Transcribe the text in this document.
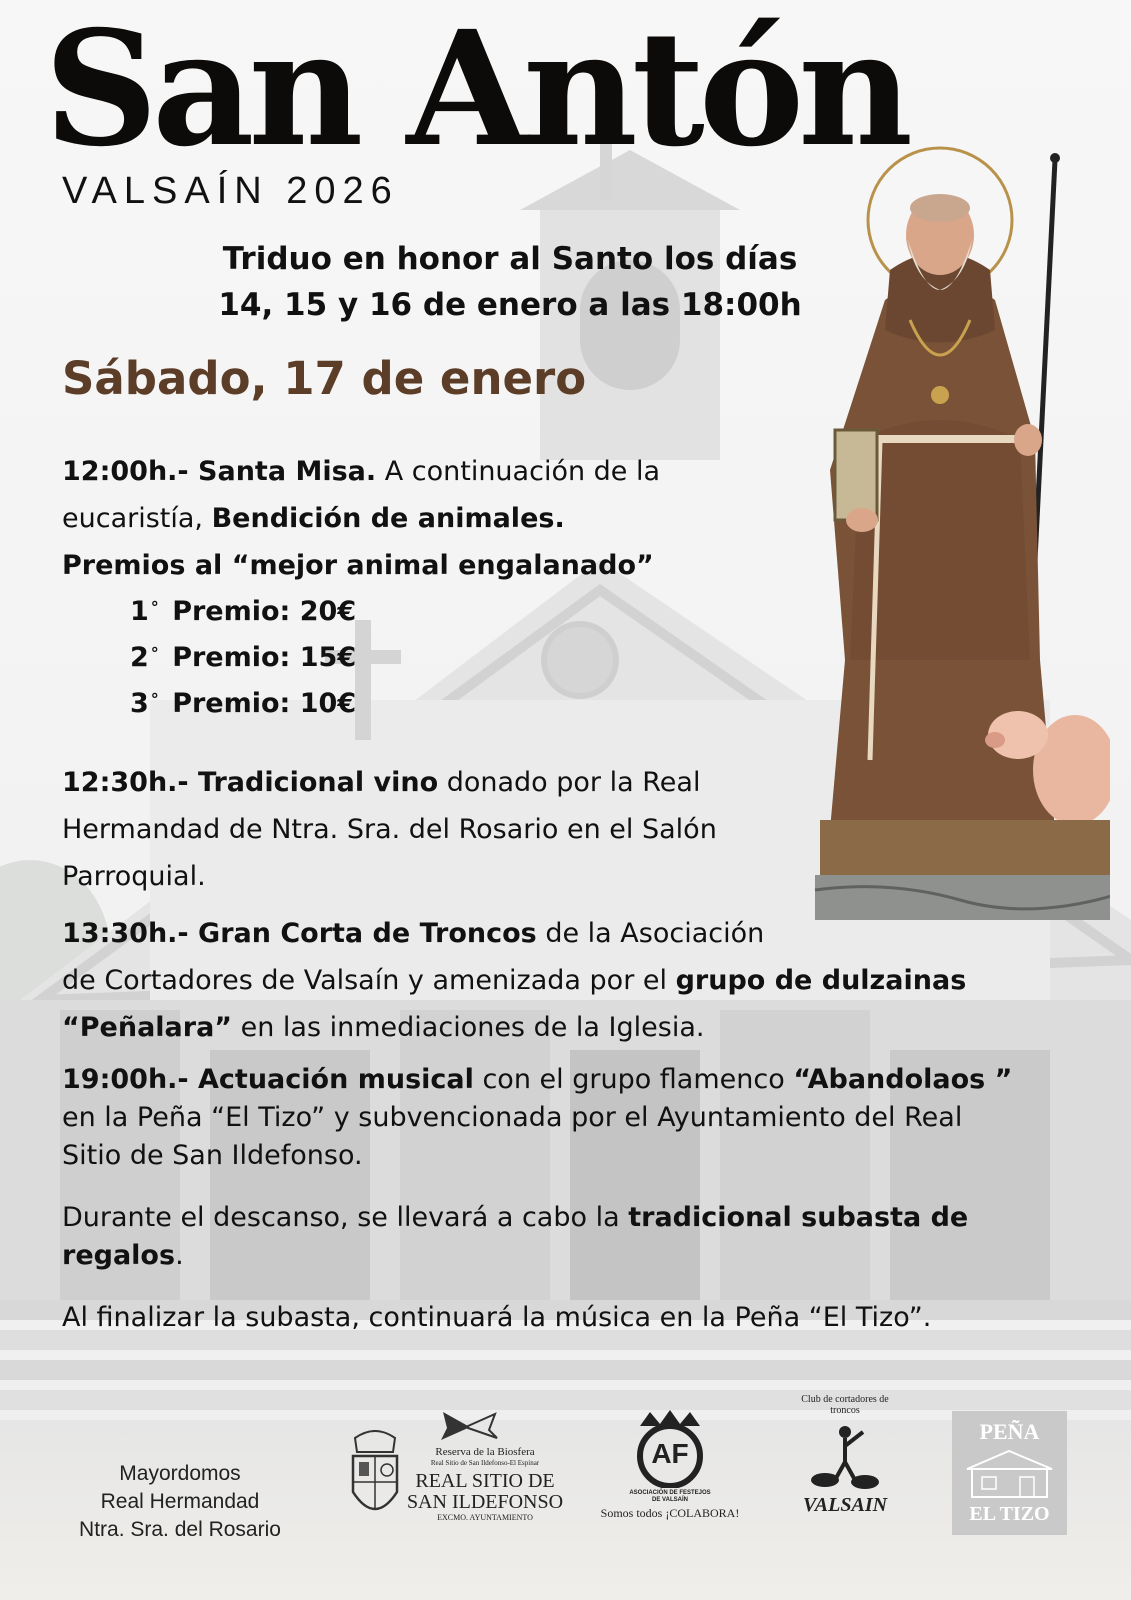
San Antón
VALSAÍN 2026
Triduo en honor al Santo los días
14, 15 y 16 de enero a las 18:00h
Sábado, 17 de enero
12:00h.- Santa Misa. A continuación de la
eucaristía, Bendición de animales.
Premios al “mejor animal engalanado”
1 ° Premio: 20€
2 ° Premio: 15€
3 ° Premio: 10€
12:30h.- Tradicional vino donado por la Real
Hermandad de Ntra. Sra. del Rosario en el Salón
Parroquial.
13:30h.- Gran Corta de Troncos de la Asociación
de Cortadores de Valsaín y amenizada por el grupo de dulzainas
“Peñalara” en las inmediaciones de la Iglesia.
19:00h.- Actuación musical con el grupo flamenco “Abandolaos ”
en la Peña “El Tizo” y subvencionada por el Ayuntamiento del Real
Sitio de San Ildefonso.
Durante el descanso, se llevará a cabo la tradicional subasta de
regalos.
Al finalizar la subasta, continuará la música en la Peña “El Tizo”.
Mayordomos
Real Hermandad
Ntra. Sra. del Rosario
Reserva de la Biosfera
Real Sitio de San Ildefonso-El Espinar
REAL SITIO DE
SAN ILDEFONSO
EXCMO. AYUNTAMIENTO
AF
ASOCIACIÓN DE FESTEJOS
DE VALSAÍN
Somos todos ¡COLABORA!
Club de cortadores de troncos
VALSAIN
PEÑA
EL TIZO
